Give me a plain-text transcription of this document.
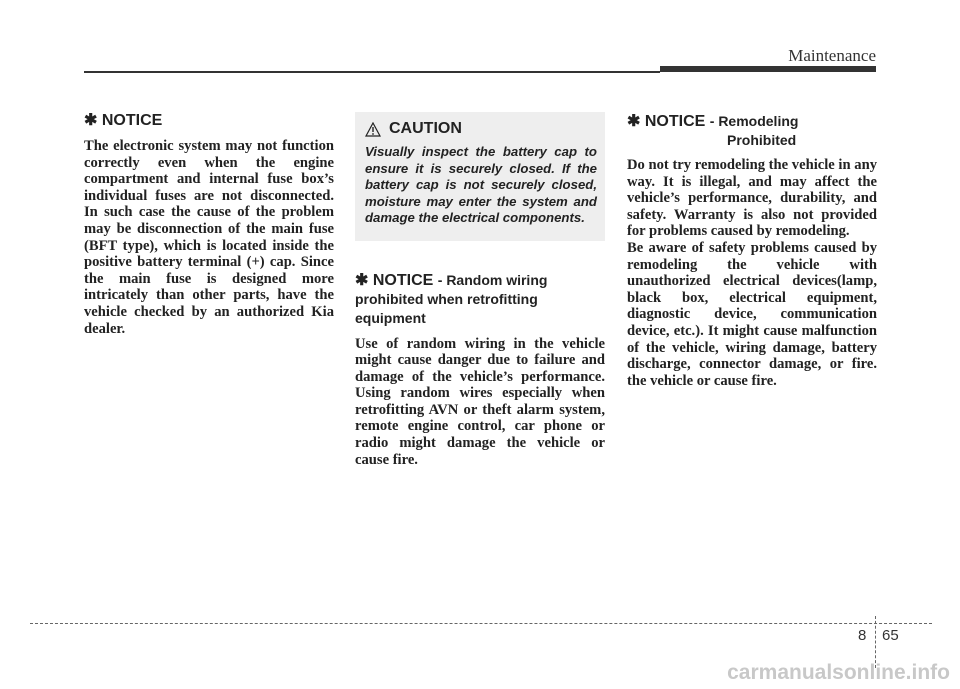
Maintenance
✱ NOTICE

The electronic system may not function correctly even when the engine compartment and internal fuse box’s individual fuses are not disconnected. In such case the cause of the problem may be disconnection of the main fuse (BFT type), which is located inside the positive battery terminal (+) cap. Since the main fuse is designed more intricately than other parts, have the vehicle checked by an authorized Kia dealer.

CAUTION

Visually inspect the battery cap to ensure it is securely closed. If the battery cap is not securely closed, moisture may enter the system and damage the electrical components.

✱ NOTICE - Random wiring prohibited when retrofitting equipment

Use of random wiring in the vehicle might cause danger due to failure and damage of the vehicle’s performance. Using random wires especially when retrofitting AVN or theft alarm system, remote engine control, car phone or radio might damage the vehicle or cause fire.

✱ NOTICE - Remodeling
Prohibited

Do not try remodeling the vehicle in any way. It is illegal, and may affect the vehicle’s performance, durability, and safety. Warranty is also not provided for problems caused by remodeling.

Be aware of safety problems caused by remodeling the vehicle with unauthorized electrical devices(lamp, black box, electrical equipment, diagnostic device, communication device, etc.). It might cause malfunction of the vehicle, wiring damage, battery discharge, connector damage, or fire. the vehicle or cause fire.

8 65
carmanualsonline.info
